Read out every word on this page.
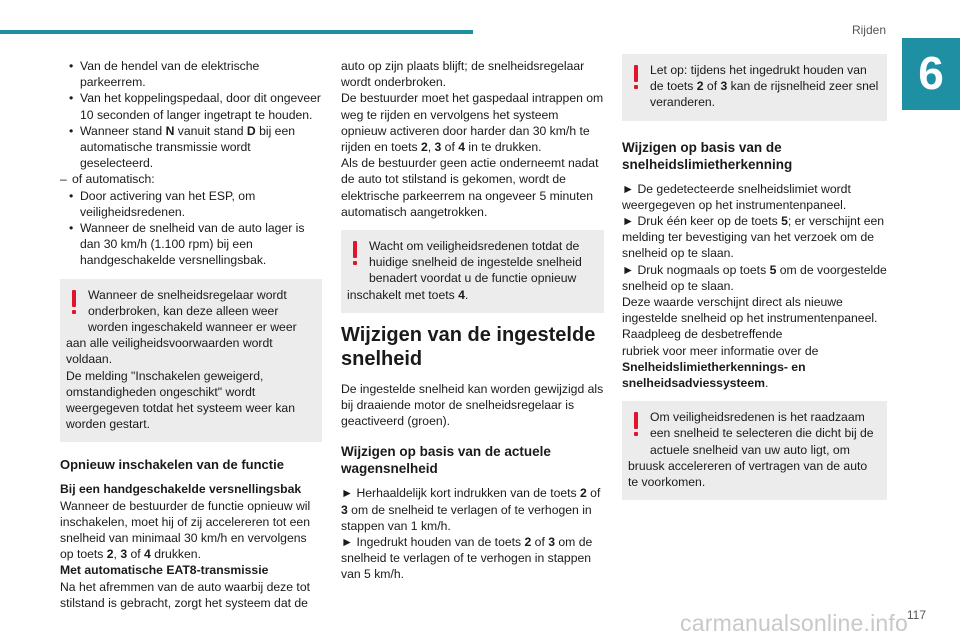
Rijden
6
• Van de hendel van de elektrische parkeerrem.
• Van het koppelingspedaal, door dit ongeveer 10 seconden of langer ingetrapt te houden.
• Wanneer stand N vanuit stand D bij een automatische transmissie wordt geselecteerd.
– of automatisch:
• Door activering van het ESP, om veiligheidsredenen.
• Wanneer de snelheid van de auto lager is dan 30 km/h (1.100 rpm) bij een handgeschakelde versnellingsbak.
Wanneer de snelheidsregelaar wordt onderbroken, kan deze alleen weer worden ingeschakeld wanneer er weer aan alle veiligheidsvoorwaarden wordt voldaan.
De melding "Inschakelen geweigerd, omstandigheden ongeschikt" wordt weergegeven totdat het systeem weer kan worden gestart.
Opnieuw inschakelen van de functie

Bij een handgeschakelde versnellingsbak

Wanneer de bestuurder de functie opnieuw wil inschakelen, moet hij of zij accelereren tot een snelheid van minimaal 30 km/h en vervolgens op toets 2, 3 of 4 drukken.

Met automatische EAT8-transmissie

Na het afremmen van de auto waarbij deze tot stilstand is gebracht, zorgt het systeem dat de

auto op zijn plaats blijft; de snelheidsregelaar wordt onderbroken.

De bestuurder moet het gaspedaal intrappen om weg te rijden en vervolgens het systeem opnieuw activeren door harder dan 30 km/h te rijden en toets 2, 3 of 4 in te drukken.

Als de bestuurder geen actie onderneemt nadat de auto tot stilstand is gekomen, wordt de elektrische parkeerrem na ongeveer 5 minuten automatisch aangetrokken.

Wacht om veiligheidsredenen totdat de huidige snelheid de ingestelde snelheid benadert voordat u de functie opnieuw inschakelt met toets 4.
Wijzigen van de ingestelde snelheid

De ingestelde snelheid kan worden gewijzigd als bij draaiende motor de snelheidsregelaar is geactiveerd (groen).

Wijzigen op basis van de actuele wagensnelheid

► Herhaaldelijk kort indrukken van de toets 2 of 3 om de snelheid te verlagen of te verhogen in stappen van 1 km/h.

► Ingedrukt houden van de toets 2 of 3 om de snelheid te verlagen of te verhogen in stappen van 5 km/h.

Let op: tijdens het ingedrukt houden van de toets 2 of 3 kan de rijsnelheid zeer snel veranderen.
Wijzigen op basis van de snelheidslimietherkenning

► De gedetecteerde snelheidslimiet wordt weergegeven op het instrumentenpaneel.

► Druk één keer op de toets 5; er verschijnt een melding ter bevestiging van het verzoek om de snelheid op te slaan.

► Druk nogmaals op toets 5 om de voorgestelde snelheid op te slaan.

Deze waarde verschijnt direct als nieuwe ingestelde snelheid op het instrumentenpaneel.

Raadpleeg de desbetreffende

rubriek voor meer informatie over de

Snelheidslimietherkennings- en snelheidsadviessysteem.

Om veiligheidsredenen is het raadzaam een snelheid te selecteren die dicht bij de actuele snelheid van uw auto ligt, om bruusk accelereren of vertragen van de auto te voorkomen.
carmanualsonline.info
117
